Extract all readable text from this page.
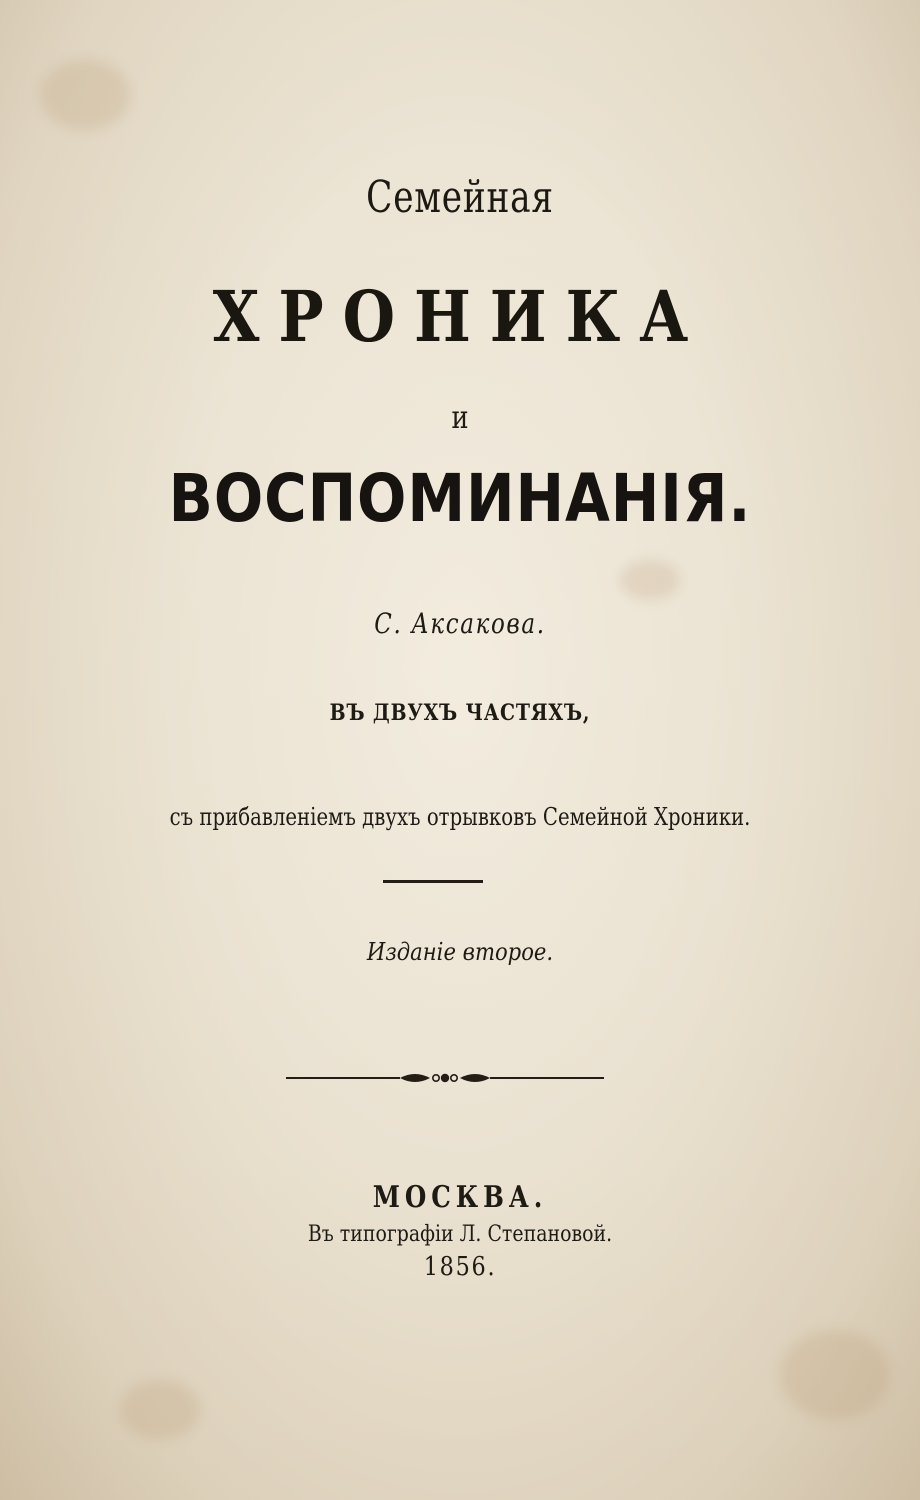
Семейная
ХРОНИКА
и
ВОСПОМИНАНІЯ.
С. Аксакова.
ВЪ ДВУХЪ ЧАСТЯХЪ,
съ прибавленіемъ двухъ отрывковъ Семейной Хроники.
Изданіе второе.
МОСКВА.
Въ типографіи Л. Степановой.
1856.
